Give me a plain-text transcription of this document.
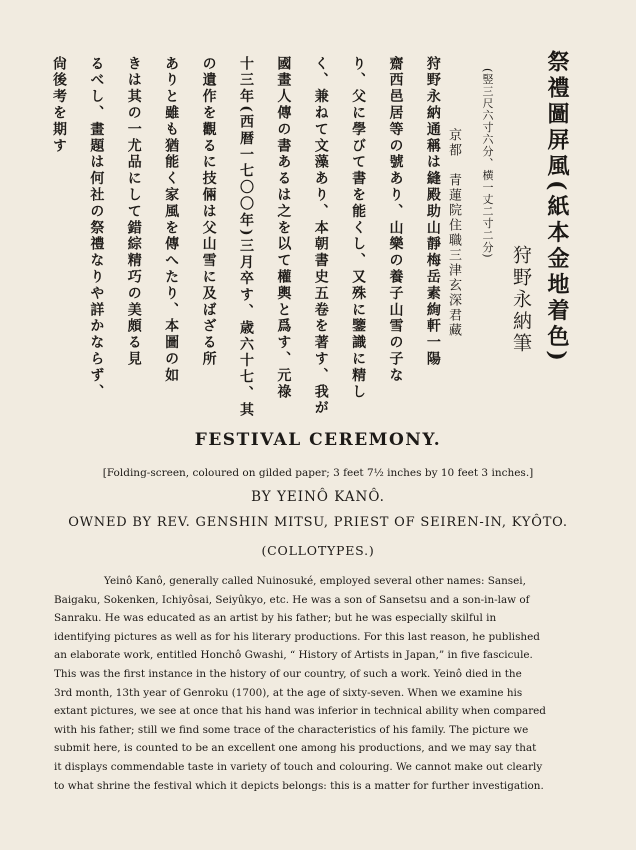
祭禮圖屏風(紙本金地着色)
狩野永納筆
(竪三尺六寸六分、横一丈二寸二分)
京都　青蓮院住職三津玄深君藏
狩野永納通稱は縫殿助山靜梅岳素絢軒一陽
齋西邑居等の號あり、山樂の養子山雪の子な
り、父に學びて書を能くし、又殊に鑒識に精し
く、兼ねて文藻あり、本朝書史五卷を著す、我が
國畫人傳の書あるは之を以て權輿と爲す、元祿
十三年(西暦一七〇〇年)三月卒す、歳六十七、其
の遺作を觀るに技倆は父山雪に及ばざる所
ありと雖も猶能く家風を傳へたり、本圖の如
きは其の一尤品にして錯綜精巧の美頗る見
るべし、畫題は何社の祭禮なりや詳かならず、
尙後考を期す
FESTIVAL CEREMONY.
[Folding-screen, coloured on gilded paper; 3 feet 7½ inches by 10 feet 3 inches.]
BY YEINÔ KANÔ.
OWNED BY REV. GENSHIN MITSU, PRIEST OF SEIREN-IN, KYÔTO.
(COLLOTYPES.)
Yeinô Kanô, generally called Nuinosuké, employed several other names: Sansei,
Baigaku, Sokenken, Ichiyôsai, Seiyûkyo, etc. He was a son of Sansetsu and a son-in-law of
Sanraku. He was educated as an artist by his father; but he was especially skilful in
identifying pictures as well as for his literary productions. For this last reason, he published
an elaborate work, entitled Honchô Gwashi, “ History of Artists in Japan,” in five fascicule.
This was the first instance in the history of our country, of such a work. Yeinô died in the
3rd month, 13th year of Genroku (1700), at the age of sixty-seven. When we examine his
extant pictures, we see at once that his hand was inferior in technical ability when compared
with his father; still we find some trace of the characteristics of his family. The picture we
submit here, is counted to be an excellent one among his productions, and we may say that
it displays commendable taste in variety of touch and colouring. We cannot make out clearly
to what shrine the festival which it depicts belongs: this is a matter for further investigation.
